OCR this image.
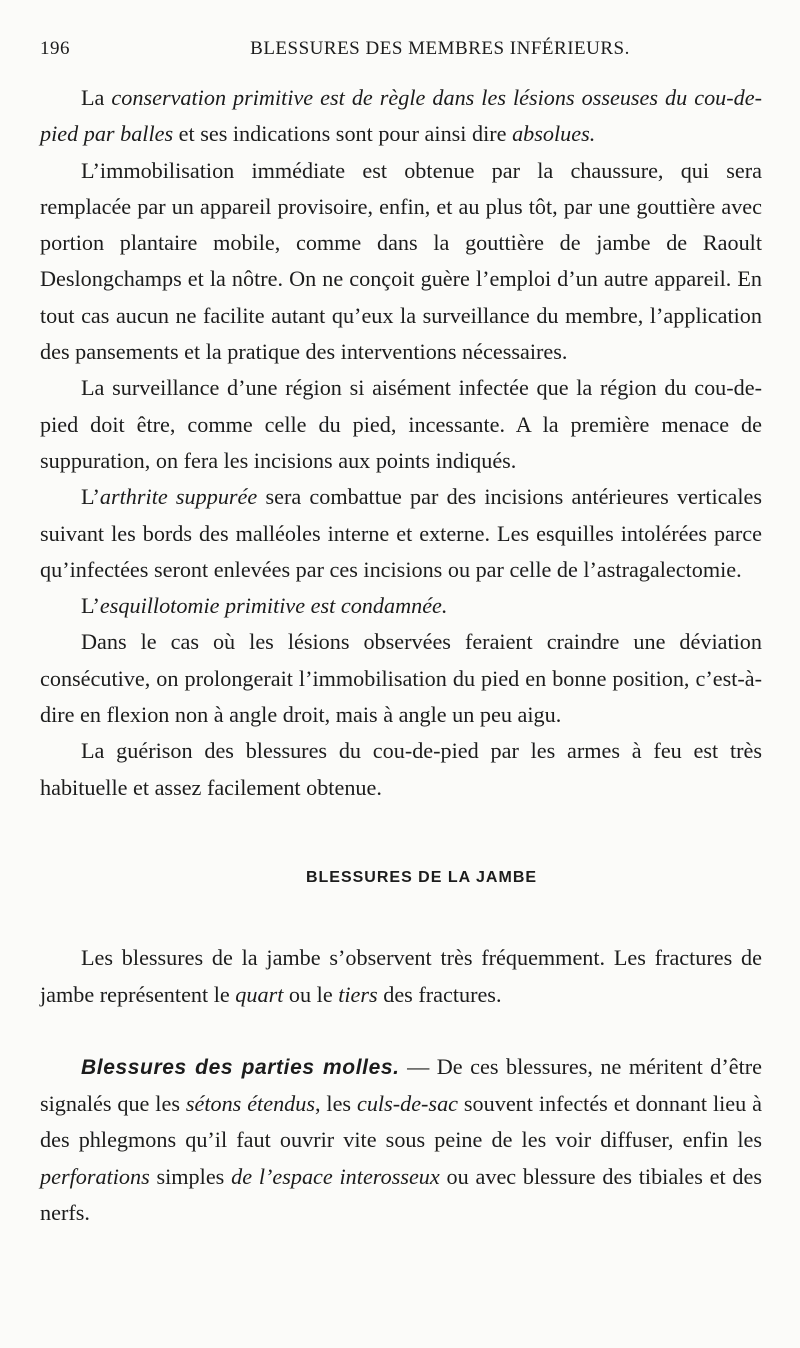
196	BLESSURES DES MEMBRES INFÉRIEURS.

La conservation primitive est de règle dans les lésions osseuses du cou-de-pied par balles et ses indications sont pour ainsi dire absolues.

L’immobilisation immédiate est obtenue par la chaussure, qui sera remplacée par un appareil provisoire, enfin, et au plus tôt, par une gouttière avec portion plantaire mobile, comme dans la gouttière de jambe de Raoult Deslongchamps et la nôtre. On ne conçoit guère l’emploi d’un autre appareil. En tout cas aucun ne facilite autant qu’eux la surveillance du membre, l’application des pansements et la pratique des interventions nécessaires.

La surveillance d’une région si aisément infectée que la région du cou-de-pied doit être, comme celle du pied, incessante. A la première menace de suppuration, on fera les incisions aux points indiqués.

L’arthrite suppurée sera combattue par des incisions antérieures verticales suivant les bords des malléoles interne et externe. Les esquilles intolérées parce qu’infectées seront enlevées par ces incisions ou par celle de l’astragalectomie.

L’esquillotomie primitive est condamnée.

Dans le cas où les lésions observées feraient craindre une déviation consécutive, on prolongerait l’immobilisation du pied en bonne position, c’est-à-dire en flexion non à angle droit, mais à angle un peu aigu.

La guérison des blessures du cou-de-pied par les armes à feu est très habituelle et assez facilement obtenue.

BLESSURES DE LA JAMBE

Les blessures de la jambe s’observent très fréquemment. Les fractures de jambe représentent le quart ou le tiers des fractures.

Blessures des parties molles. — De ces blessures, ne méritent d’être signalés que les sétons étendus, les culs-de-sac souvent infectés et donnant lieu à des phlegmons qu’il faut ouvrir vite sous peine de les voir diffuser, enfin les perforations simples de l’espace interosseux ou avec blessure des tibiales et des nerfs.
